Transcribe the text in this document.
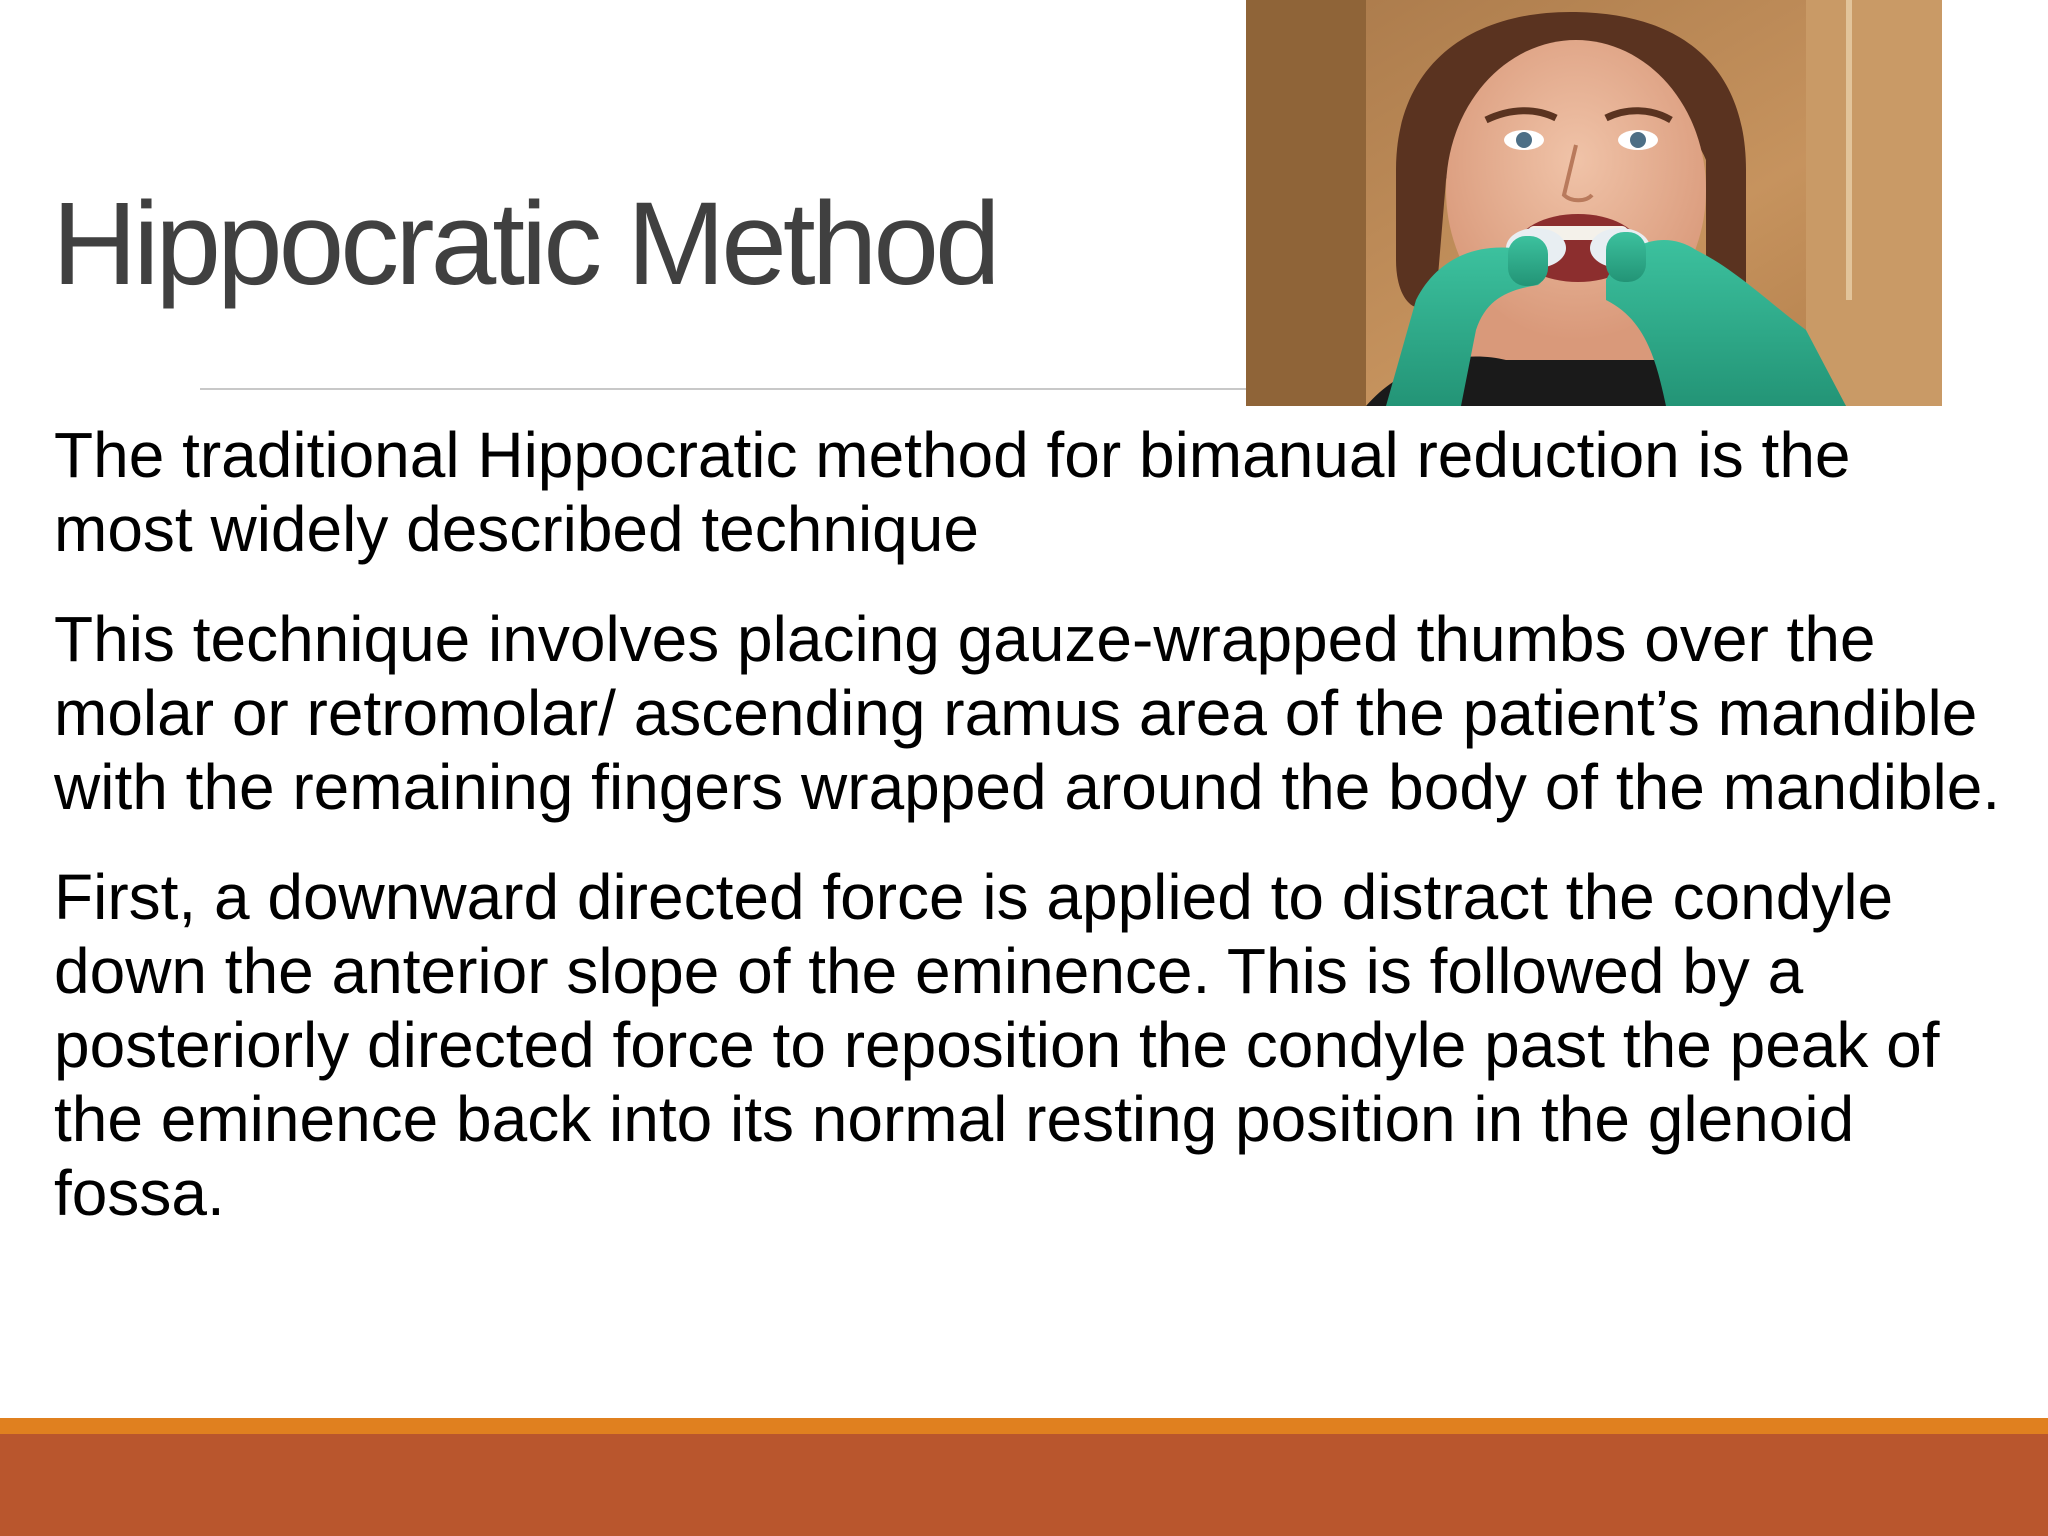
Hippocratic Method

The traditional Hippocratic method for bimanual reduction is the most widely described technique

This technique involves placing gauze-wrapped thumbs over the molar or retromolar/ ascending ramus area of the patient’s mandible with the remaining fingers wrapped around the body of the mandible.

First, a downward directed force is applied to distract the condyle down the anterior slope of the eminence. This is followed by a posteriorly directed force to reposition the condyle past the peak of the eminence back into its normal resting position in the glenoid fossa.
